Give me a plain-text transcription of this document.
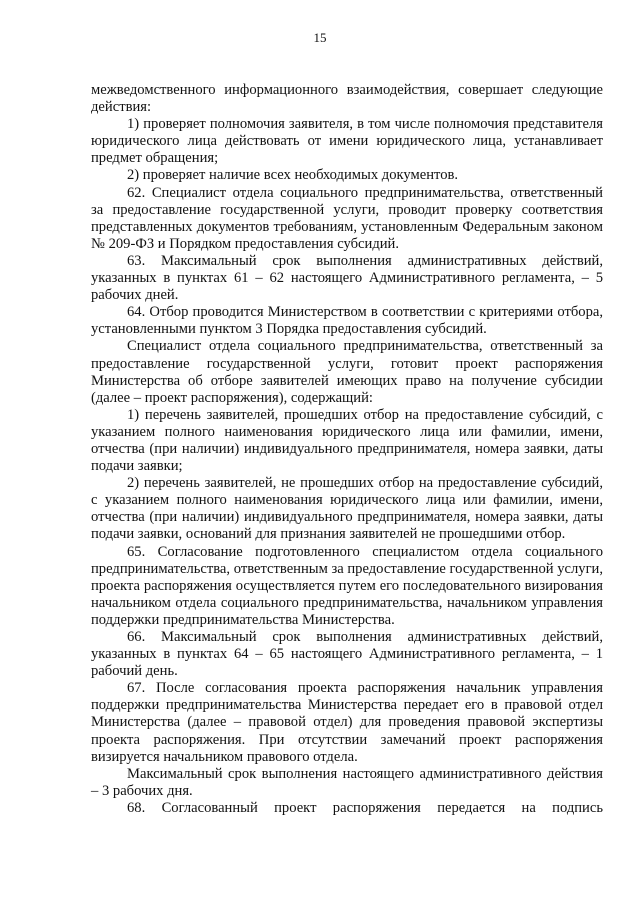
15

межведомственного информационного взаимодействия, совершает следующие действия:

1) проверяет полномочия заявителя, в том числе полномочия представителя юридического лица действовать от имени юридического лица, устанавливает предмет обращения;

2) проверяет наличие всех необходимых документов.

62. Специалист отдела социального предпринимательства, ответственный за предоставление государственной услуги, проводит проверку соответствия представленных документов требованиям, установленным Федеральным законом № 209-ФЗ и Порядком предоставления субсидий.

63. Максимальный срок выполнения административных действий, указанных в пунктах 61 – 62 настоящего Административного регламента, – 5 рабочих дней.

64. Отбор проводится Министерством в соответствии с критериями отбора, установленными пунктом 3 Порядка предоставления субсидий.

Специалист отдела социального предпринимательства, ответственный за предоставление государственной услуги, готовит проект распоряжения Министерства об отборе заявителей имеющих право на получение субсидии (далее – проект распоряжения), содержащий:

1) перечень заявителей, прошедших отбор на предоставление субсидий, с указанием полного наименования юридического лица или фамилии, имени, отчества (при наличии) индивидуального предпринимателя, номера заявки, даты подачи заявки;

2) перечень заявителей, не прошедших отбор на предоставление субсидий, с указанием полного наименования юридического лица или фамилии, имени, отчества (при наличии) индивидуального предпринимателя, номера заявки, даты подачи заявки, оснований для признания заявителей не прошедшими отбор.

65. Согласование подготовленного специалистом отдела социального предпринимательства, ответственным за предоставление государственной услуги, проекта распоряжения осуществляется путем его последовательного визирования начальником отдела социального предпринимательства, начальником управления поддержки предпринимательства Министерства.

66. Максимальный срок выполнения административных действий, указанных в пунктах 64 – 65 настоящего Административного регламента, – 1 рабочий день.

67. После согласования проекта распоряжения начальник управления поддержки предпринимательства Министерства передает его в правовой отдел Министерства (далее – правовой отдел) для проведения правовой экспертизы проекта распоряжения. При отсутствии замечаний проект распоряжения визируется начальником правового отдела.

Максимальный срок выполнения настоящего административного действия – 3 рабочих дня.

68. Согласованный проект распоряжения передается на подпись
